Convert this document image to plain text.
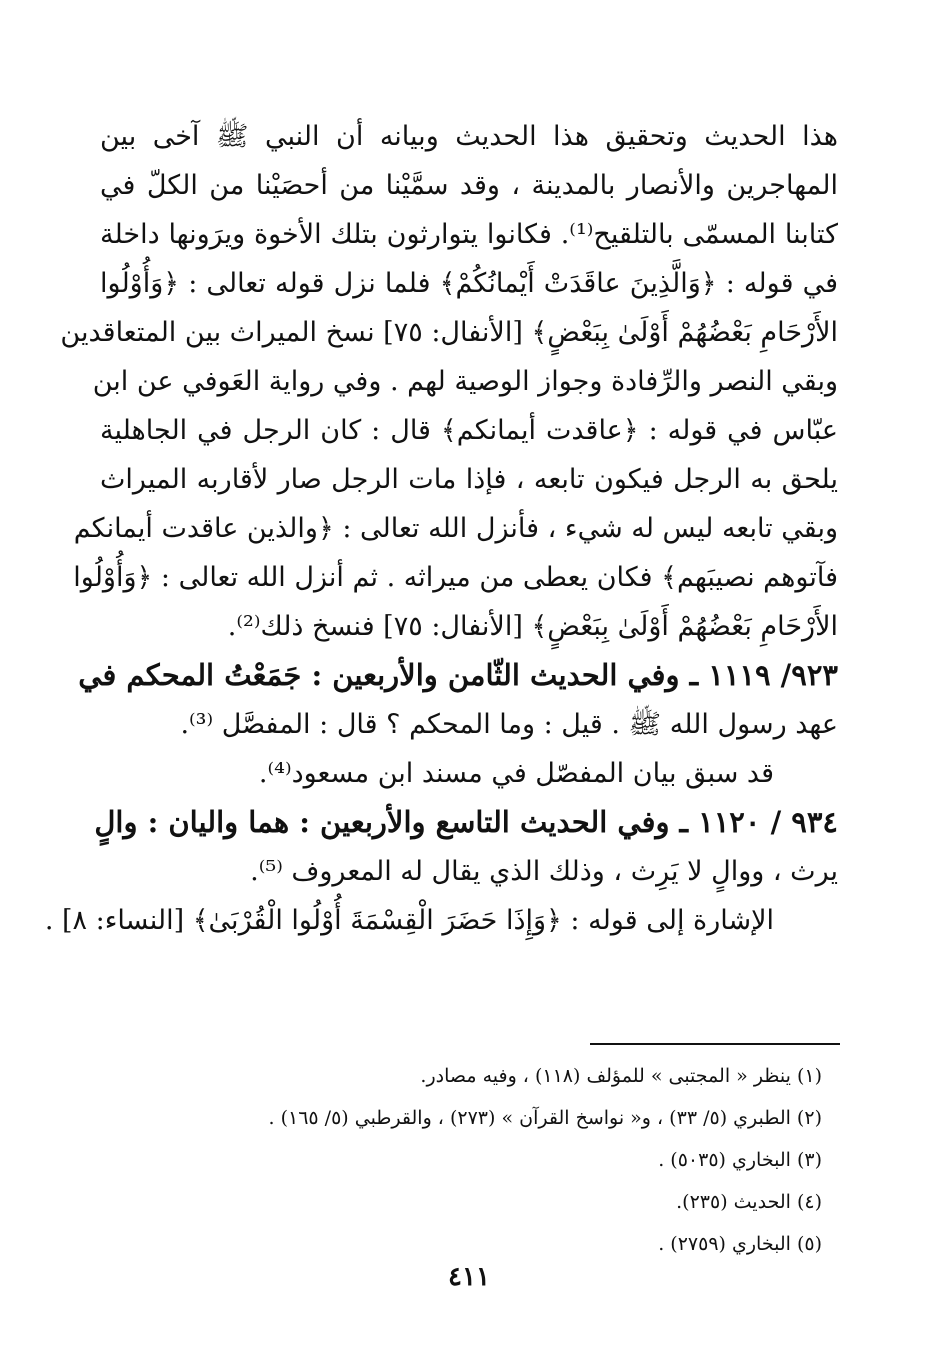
هذا الحديث وتحقيق هذا الحديث وبيانه أن النبي ﷺ آخى بين
المهاجرين والأنصار بالمدينة ، وقد سمَّيْنا من أحصَيْنا من الكلّ في
كتابنا المسمّى بالتلقيح⁽¹⁾. فكانوا يتوارثون بتلك الأخوة ويرَونها داخلة
في قوله : ﴿وَالَّذِينَ عاقَدَتْ أَيْمانُكُمْ﴾ فلما نزل قوله تعالى : ﴿وَأُوْلُوا
الأَرْحَامِ بَعْضُهُمْ أَوْلَىٰ بِبَعْضٍ﴾ [الأنفال: ٧٥] نسخ الميراث بين المتعاقدين
وبقي النصر والرِّفادة وجواز الوصية لهم . وفي رواية العَوفي عن ابن
عبّاس في قوله : ﴿عاقدت أيمانكم﴾ قال : كان الرجل في الجاهلية
يلحق به الرجل فيكون تابعه ، فإذا مات الرجل صار لأقاربه الميراث
وبقي تابعه ليس له شيء ، فأنزل الله تعالى : ﴿والذين عاقدت أيمانكم
فآتوهم نصيبَهم﴾ فكان يعطى من ميراثه . ثم أنزل الله تعالى : ﴿وَأُوْلُوا
الأَرْحَامِ بَعْضُهُمْ أَوْلَىٰ بِبَعْضٍ﴾ [الأنفال: ٧٥] فنسخ ذلك⁽²⁾.
٩٢٣/ ١١١٩ ـ وفي الحديث الثّامن والأربعين : جَمَعْتُ المحكم في
عهد رسول الله ﷺ . قيل : وما المحكم ؟ قال : المفصَّل ⁽³⁾.
قد سبق بيان المفصّل في مسند ابن مسعود⁽⁴⁾.
٩٣٤ / ١١٢٠ ـ وفي الحديث التاسع والأربعين : هما واليان : والٍ
يرث ، ووالٍ لا يَرِث ، وذلك الذي يقال له المعروف ⁽⁵⁾.
الإشارة إلى قوله : ﴿وَإِذَا حَضَرَ الْقِسْمَةَ أُوْلُوا الْقُرْبَىٰ﴾ [النساء: ٨] .
(١) ينظر « المجتبى » للمؤلف (١١٨) ، وفيه مصادر.
(٢) الطبري (٥/ ٣٣) ، و« نواسخ القرآن » (٢٧٣) ، والقرطبي (٥/ ١٦٥) .
(٣) البخاري (٥٠٣٥) .
(٤) الحديث (٢٣٥).
(٥) البخاري (٢٧٥٩) .
٤١١
